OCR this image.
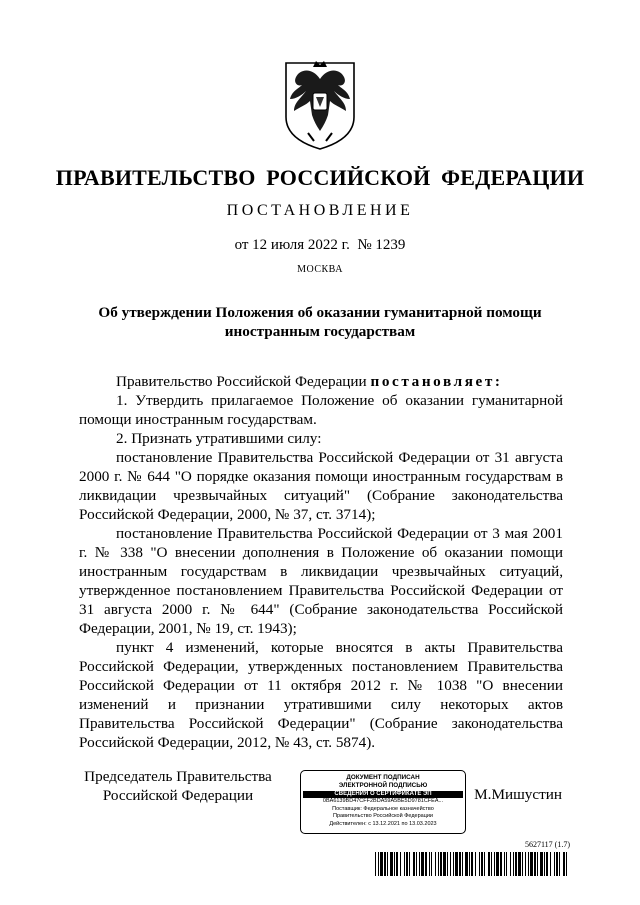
ПРАВИТЕЛЬСТВО РОССИЙСКОЙ ФЕДЕРАЦИИ
ПОСТАНОВЛЕНИЕ
от 12 июля 2022 г.  № 1239
МОСКВА
Об утверждении Положения об оказании гуманитарной помощи
иностранным государствам

Правительство Российской Федерации постановляет:

1. Утвердить прилагаемое Положение об оказании гуманитарной помощи иностранным государствам.

2. Признать утратившими силу:

постановление Правительства Российской Федерации от 31 августа 2000 г. № 644 "О порядке оказания помощи иностранным государствам в ликвидации чрезвычайных ситуаций" (Собрание законодательства Российской Федерации, 2000, № 37, ст. 3714);

постановление Правительства Российской Федерации от 3 мая 2001 г. № 338 "О внесении дополнения в Положение об оказании помощи иностранным государствам в ликвидации чрезвычайных ситуаций, утвержденное постановлением Правительства Российской Федерации от 31 августа 2000 г. № 644" (Собрание законодательства Российской Федерации, 2001, № 19, ст. 1943);

пункт 4 изменений, которые вносятся в акты Правительства Российской Федерации, утвержденных постановлением Правительства Российской Федерации от 11 октября 2012 г. № 1038 "О внесении изменений и признании утратившими силу некоторых актов Правительства Российской Федерации" (Собрание законодательства Российской Федерации, 2012, № 43, ст. 5874).

Председатель Правительства
Российской Федерации
ДОКУМЕНТ ПОДПИСАН
ЭЛЕКТРОННОЙ ПОДПИСЬЮ
СВЕДЕНИЯ О СЕРТИФИКАТЕ ЭП
0BA6139BD47CFF2BDA59A5BE5D9781CFEA...
Поставщик: Федеральное казначейство
Правительство Российской Федерации
Действителен: с 13.12.2021 по 13.03.2023
М.Мишустин
5627117 (1.7)
